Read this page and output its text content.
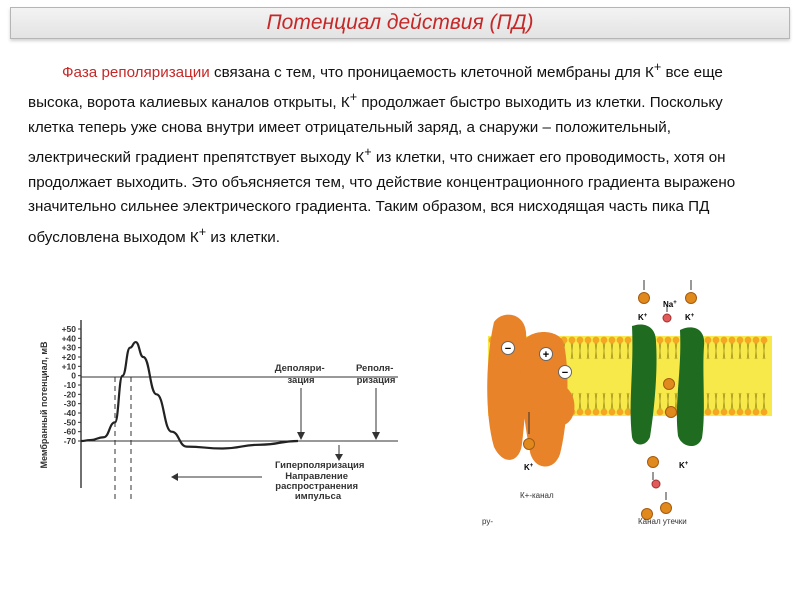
Потенциал действия (ПД)
Фаза реполяризации связана с тем, что проницаемость клеточной мембраны для К+ все еще высока, ворота калиевых каналов открыты, К+ продолжает быстро выходить из клетки. Поскольку клетка теперь уже снова внутри имеет отрицательный заряд, а снаружи – положительный, электрический градиент препятствует выходу К+ из клетки, что снижает его проводимость, хотя он продолжает выходить. Это объясняется тем, что действие концентрационного градиента выражено значительно сильнее электрического градиента. Таким образом, вся нисходящая часть пика ПД обусловлена выходом К+ из клетки.
Мембранный потенциал, мВ
+50
+40
+30
+20
+10
0
-10
-20
-30
-40
-50
-60
-70
Деполяри- зация
Реполя- ризация
Гиперполяризация
Направление распространения импульса
−	+
−
Na+
K+	K+
K+	K+
К+-канал
Канал утечки
ру-
